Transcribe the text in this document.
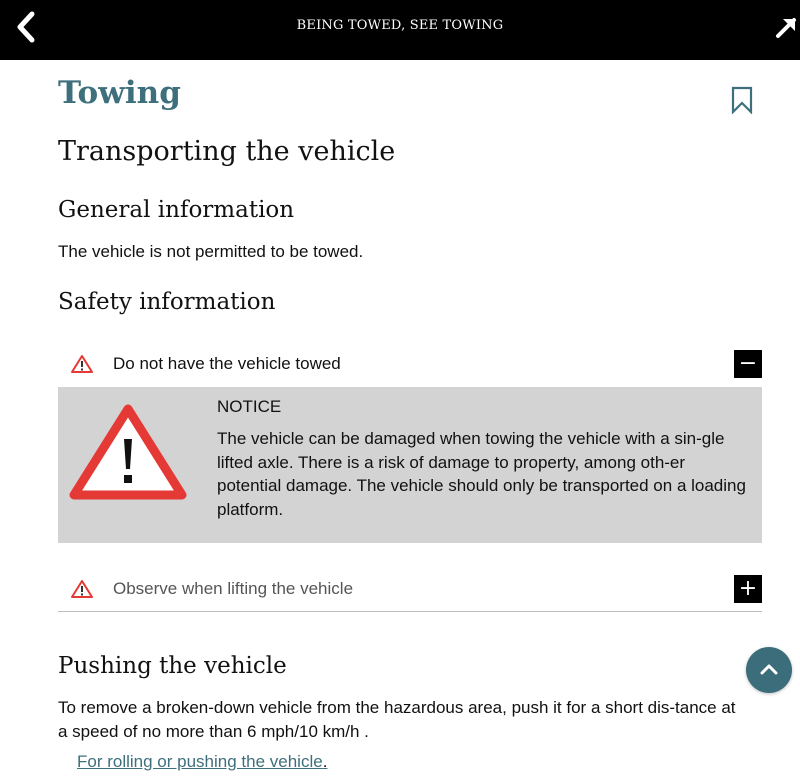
BEING TOWED, SEE TOWING
Towing
Transporting the vehicle
General information

The vehicle is not permitted to be towed.

Safety information
Do not have the vehicle towed	−
NOTICE
The vehicle can be damaged when towing the vehicle with a sin-gle lifted axle. There is a risk of damage to property, among oth-er potential damage. The vehicle should only be transported on a loading platform.
Observe when lifting the vehicle	+
Pushing the vehicle

To remove a broken-down vehicle from the hazardous area, push it for a short dis-tance at a speed of no more than 6 mph/10 km/h .

For rolling or pushing the vehicle.
